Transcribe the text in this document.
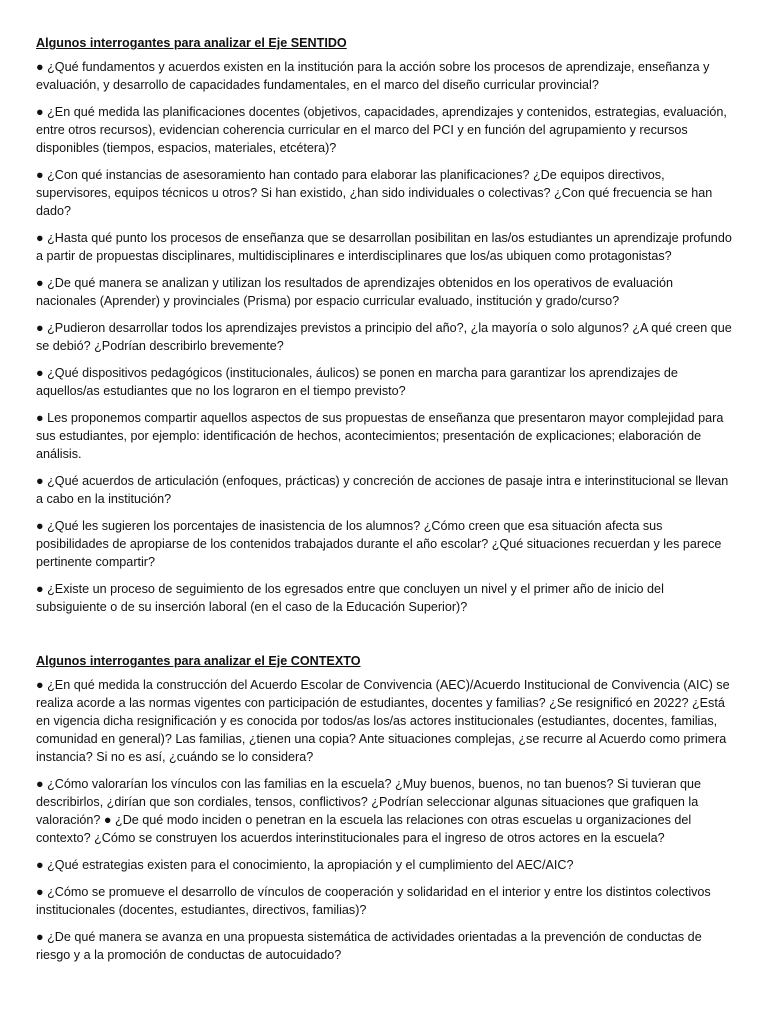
Algunos interrogantes para analizar el Eje SENTIDO

● ¿Qué fundamentos y acuerdos existen en la institución para la acción sobre los procesos de aprendizaje, enseñanza y evaluación, y desarrollo de capacidades fundamentales, en el marco del diseño curricular provincial?

● ¿En qué medida las planificaciones docentes (objetivos, capacidades, aprendizajes y contenidos, estrategias, evaluación, entre otros recursos), evidencian coherencia curricular en el marco del PCI y en función del agrupamiento y recursos disponibles (tiempos, espacios, materiales, etcétera)?

● ¿Con qué instancias de asesoramiento han contado para elaborar las planificaciones? ¿De equipos directivos, supervisores, equipos técnicos u otros? Si han existido, ¿han sido individuales o colectivas? ¿Con qué frecuencia se han dado?

● ¿Hasta qué punto los procesos de enseñanza que se desarrollan posibilitan en las/os estudiantes un aprendizaje profundo a partir de propuestas disciplinares, multidisciplinares e interdisciplinares que los/as ubiquen como protagonistas?

● ¿De qué manera se analizan y utilizan los resultados de aprendizajes obtenidos en los operativos de evaluación nacionales (Aprender) y provinciales (Prisma) por espacio curricular evaluado, institución y grado/curso?

● ¿Pudieron desarrollar todos los aprendizajes previstos a principio del año?, ¿la mayoría o solo algunos? ¿A qué creen que se debió? ¿Podrían describirlo brevemente?

● ¿Qué dispositivos pedagógicos (institucionales, áulicos) se ponen en marcha para garantizar los aprendizajes de aquellos/as estudiantes que no los lograron en el tiempo previsto?

● Les proponemos compartir aquellos aspectos de sus propuestas de enseñanza que presentaron mayor complejidad para sus estudiantes, por ejemplo: identificación de hechos, acontecimientos; presentación de explicaciones; elaboración de análisis.

● ¿Qué acuerdos de articulación (enfoques, prácticas) y concreción de acciones de pasaje intra e interinstitucional se llevan a cabo en la institución?

● ¿Qué les sugieren los porcentajes de inasistencia de los alumnos? ¿Cómo creen que esa situación afecta sus posibilidades de apropiarse de los contenidos trabajados durante el año escolar? ¿Qué situaciones recuerdan y les parece pertinente compartir?

● ¿Existe un proceso de seguimiento de los egresados entre que concluyen un nivel y el primer año de inicio del subsiguiente o de su inserción laboral (en el caso de la Educación Superior)?

Algunos interrogantes para analizar el Eje CONTEXTO

● ¿En qué medida la construcción del Acuerdo Escolar de Convivencia (AEC)/Acuerdo Institucional de Convivencia (AIC) se realiza acorde a las normas vigentes con participación de estudiantes, docentes y familias? ¿Se resignificó en 2022? ¿Está en vigencia dicha resignificación y es conocida por todos/as los/as actores institucionales (estudiantes, docentes, familias, comunidad en general)? Las familias, ¿tienen una copia? Ante situaciones complejas, ¿se recurre al Acuerdo como primera instancia? Si no es así, ¿cuándo se lo considera?

● ¿Cómo valorarían los vínculos con las familias en la escuela? ¿Muy buenos, buenos, no tan buenos? Si tuvieran que describirlos, ¿dirían que son cordiales, tensos, conflictivos? ¿Podrían seleccionar algunas situaciones que grafiquen la valoración? ● ¿De qué modo inciden o penetran en la escuela las relaciones con otras escuelas u organizaciones del contexto? ¿Cómo se construyen los acuerdos interinstitucionales para el ingreso de otros actores en la escuela?

● ¿Qué estrategias existen para el conocimiento, la apropiación y el cumplimiento del AEC/AIC?

● ¿Cómo se promueve el desarrollo de vínculos de cooperación y solidaridad en el interior y entre los distintos colectivos institucionales (docentes, estudiantes, directivos, familias)?

● ¿De qué manera se avanza en una propuesta sistemática de actividades orientadas a la prevención de conductas de riesgo y a la promoción de conductas de autocuidado?
